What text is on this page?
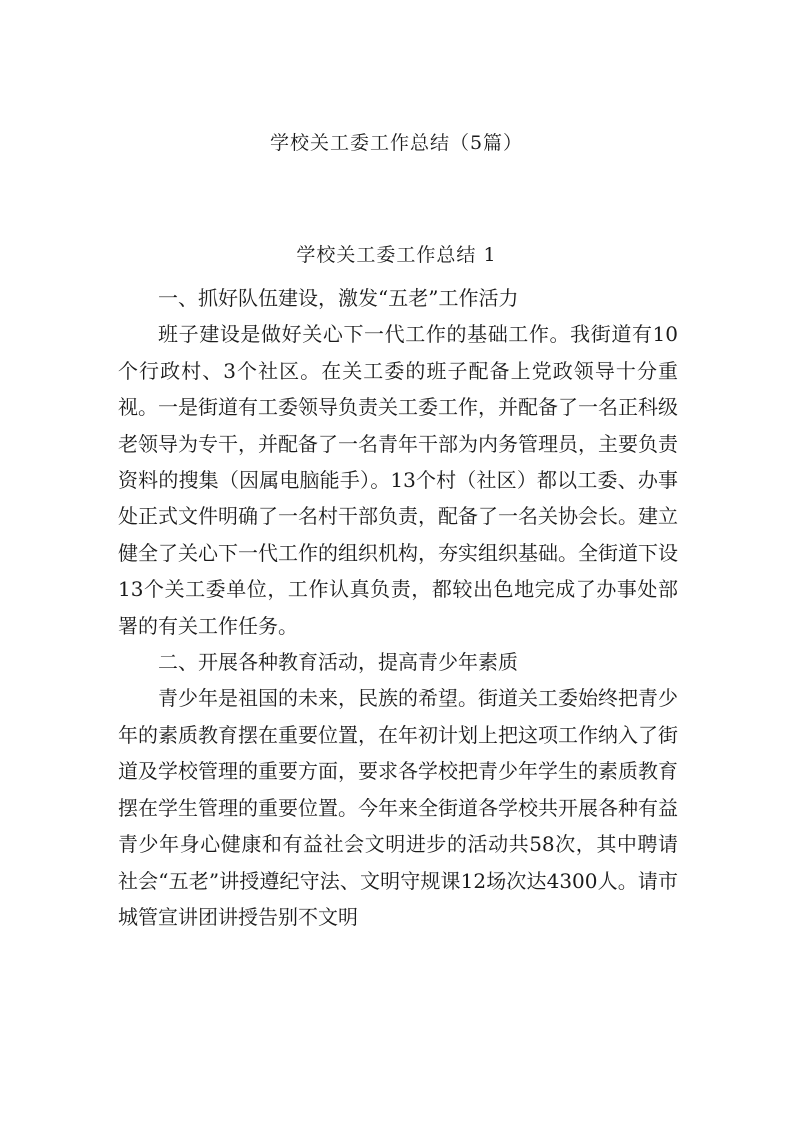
学校关工委工作总结（5篇）
学校关工委工作总结 1

一、抓好队伍建设，激发“五老”工作活力

班子建设是做好关心下一代工作的基础工作。我街道有10个行政村、3个社区。在关工委的班子配备上党政领导十分重视。一是街道有工委领导负责关工委工作，并配备了一名正科级老领导为专干，并配备了一名青年干部为内务管理员，主要负责资料的搜集（因属电脑能手）。13个村（社区）都以工委、办事处正式文件明确了一名村干部负责，配备了一名关协会长。建立健全了关心下一代工作的组织机构，夯实组织基础。全街道下设13个关工委单位，工作认真负责，都较出色地完成了办事处部署的有关工作任务。

二、开展各种教育活动，提高青少年素质

青少年是祖国的未来，民族的希望。街道关工委始终把青少年的素质教育摆在重要位置，在年初计划上把这项工作纳入了街道及学校管理的重要方面，要求各学校把青少年学生的素质教育摆在学生管理的重要位置。今年来全街道各学校共开展各种有益青少年身心健康和有益社会文明进步的活动共58次，其中聘请社会“五老”讲授遵纪守法、文明守规课12场次达4300人。请市城管宣讲团讲授告别不文明
